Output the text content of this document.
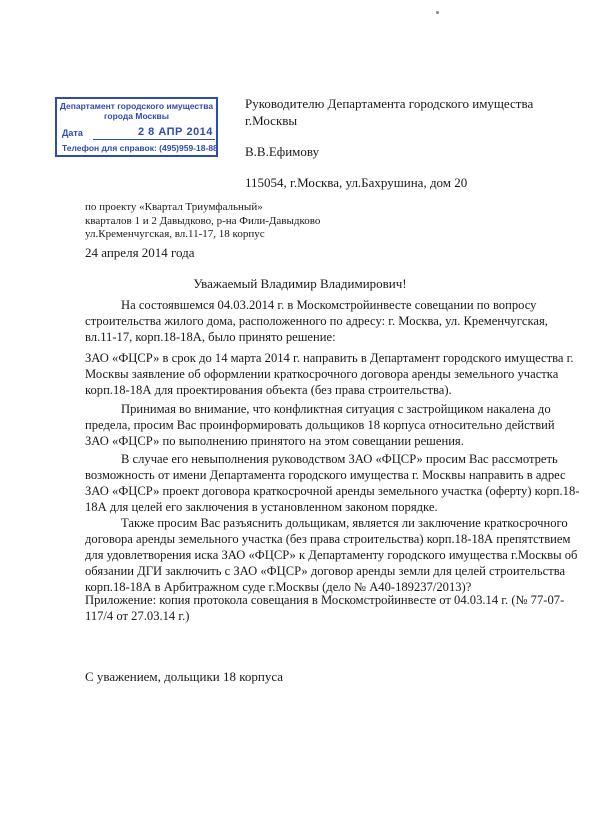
Департамент городского имущества
города Москвы
Дата	2 8 АПР 2014
Телефон для справок: (495)959-18-88
Руководителю Департамента городского имущества
г.Москвы
В.В.Ефимову
115054, г.Москва, ул.Бахрушина, дом 20
по проекту «Квартал Триумфальный»
кварталов 1 и 2 Давыдково, р-на Фили-Давыдково
ул.Кременчугская, вл.11-17, 18 корпус
24 апреля 2014 года
Уважаемый Владимир Владимирович!
На состоявшемся 04.03.2014 г. в Москомстройинвесте совещании по вопросу
строительства жилого дома, расположенного по адресу: г. Москва, ул. Кременчугская,
вл.11-17, корп.18-18А, было принято решение:
ЗАО «ФЦСР» в срок до 14 марта 2014 г. направить в Департамент городского имущества г.
Москвы заявление об оформлении краткосрочного договора аренды земельного участка
корп.18-18А для проектирования объекта (без права строительства).
Принимая во внимание, что конфликтная ситуация с застройщиком накалена до
предела, просим Вас проинформировать дольщиков 18 корпуса относительно действий
ЗАО «ФЦСР» по выполнению принятого на этом совещании решения.
В случае его невыполнения руководством ЗАО «ФЦСР» просим Вас рассмотреть
возможность от имени Департамента городского имущества г. Москвы направить в адрес
ЗАО «ФЦСР» проект договора краткосрочной аренды земельного участка (оферту) корп.18-
18А для целей его заключения в установленном законом порядке.
Также просим Вас разъяснить дольщикам, является ли заключение краткосрочного
договора аренды земельного участка (без права строительства) корп.18-18А препятствием
для удовлетворения иска ЗАО «ФЦСР» к Департаменту городского имущества г.Москвы об
обязании ДГИ заключить с ЗАО «ФЦСР» договор аренды земли для целей строительства
корп.18-18А в Арбитражном суде г.Москвы (дело № А40-189237/2013)?
Приложение: копия протокола совещания в Москомстройинвесте от 04.03.14 г. (№ 77-07-
117/4 от 27.03.14 г.)
С уважением, дольщики 18 корпуса
